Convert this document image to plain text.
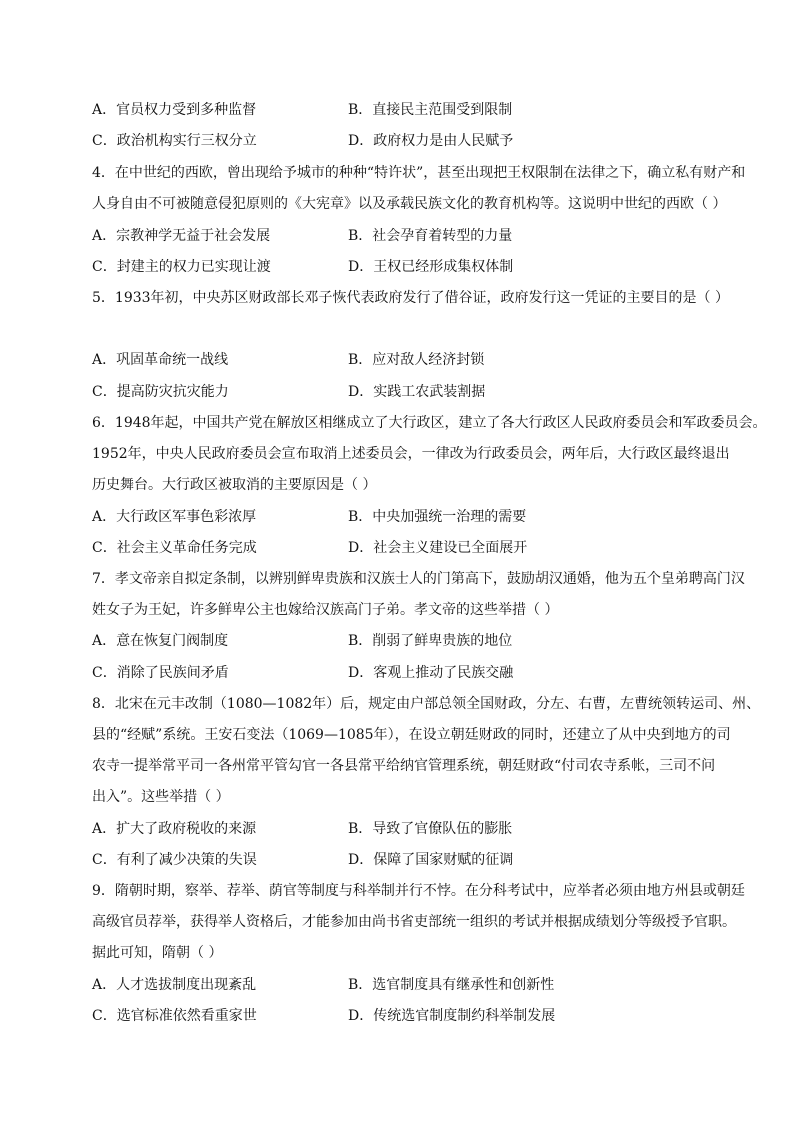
A．官员权力受到多种监督	B．直接民主范围受到限制
C．政治机构实行三权分立	D．政府权力是由人民赋予
4．在中世纪的西欧，曾出现给予城市的种种“特许状”，甚至出现把王权限制在法律之下，确立私有财产和
人身自由不可被随意侵犯原则的《大宪章》以及承载民族文化的教育机构等。这说明中世纪的西欧（ ）
A．宗教神学无益于社会发展	B．社会孕育着转型的力量
C．封建主的权力已实现让渡	D．王权已经形成集权体制
5．1933年初，中央苏区财政部长邓子恢代表政府发行了借谷证，政府发行这一凭证的主要目的是（ ）
A．巩固革命统一战线	B．应对敌人经济封锁
C．提高防灾抗灾能力	D．实践工农武装割据
6．1948年起，中国共产党在解放区相继成立了大行政区，建立了各大行政区人民政府委员会和军政委员会。
1952年，中央人民政府委员会宣布取消上述委员会，一律改为行政委员会，两年后，大行政区最终退出
历史舞台。大行政区被取消的主要原因是（ ）
A．大行政区军事色彩浓厚	B．中央加强统一治理的需要
C．社会主义革命任务完成	D．社会主义建设已全面展开
7．孝文帝亲自拟定条制，以辨别鲜卑贵族和汉族士人的门第高下，鼓励胡汉通婚，他为五个皇弟聘高门汉
姓女子为王妃，许多鲜卑公主也嫁给汉族高门子弟。孝文帝的这些举措（ ）
A．意在恢复门阀制度	B．削弱了鲜卑贵族的地位
C．消除了民族间矛盾	D．客观上推动了民族交融
8．北宋在元丰改制（1080—1082年）后，规定由户部总领全国财政，分左、右曹，左曹统领转运司、州、
县的“经赋”系统。王安石变法（1069—1085年），在设立朝廷财政的同时，还建立了从中央到地方的司
农寺一提举常平司一各州常平管勾官一各县常平给纳官管理系统，朝廷财政“付司农寺系帐，三司不问
出入”。这些举措（ ）
A．扩大了政府税收的来源	B．导致了官僚队伍的膨胀
C．有利了减少决策的失误	D．保障了国家财赋的征调
9．隋朝时期，察举、荐举、荫官等制度与科举制并行不悖。在分科考试中，应举者必须由地方州县或朝廷
高级官员荐举，获得举人资格后，才能参加由尚书省吏部统一组织的考试并根据成绩划分等级授予官职。
据此可知，隋朝（ ）
A．人才选拔制度出现紊乱	B．选官制度具有继承性和创新性
C．选官标准依然看重家世	D．传统选官制度制约科举制发展
